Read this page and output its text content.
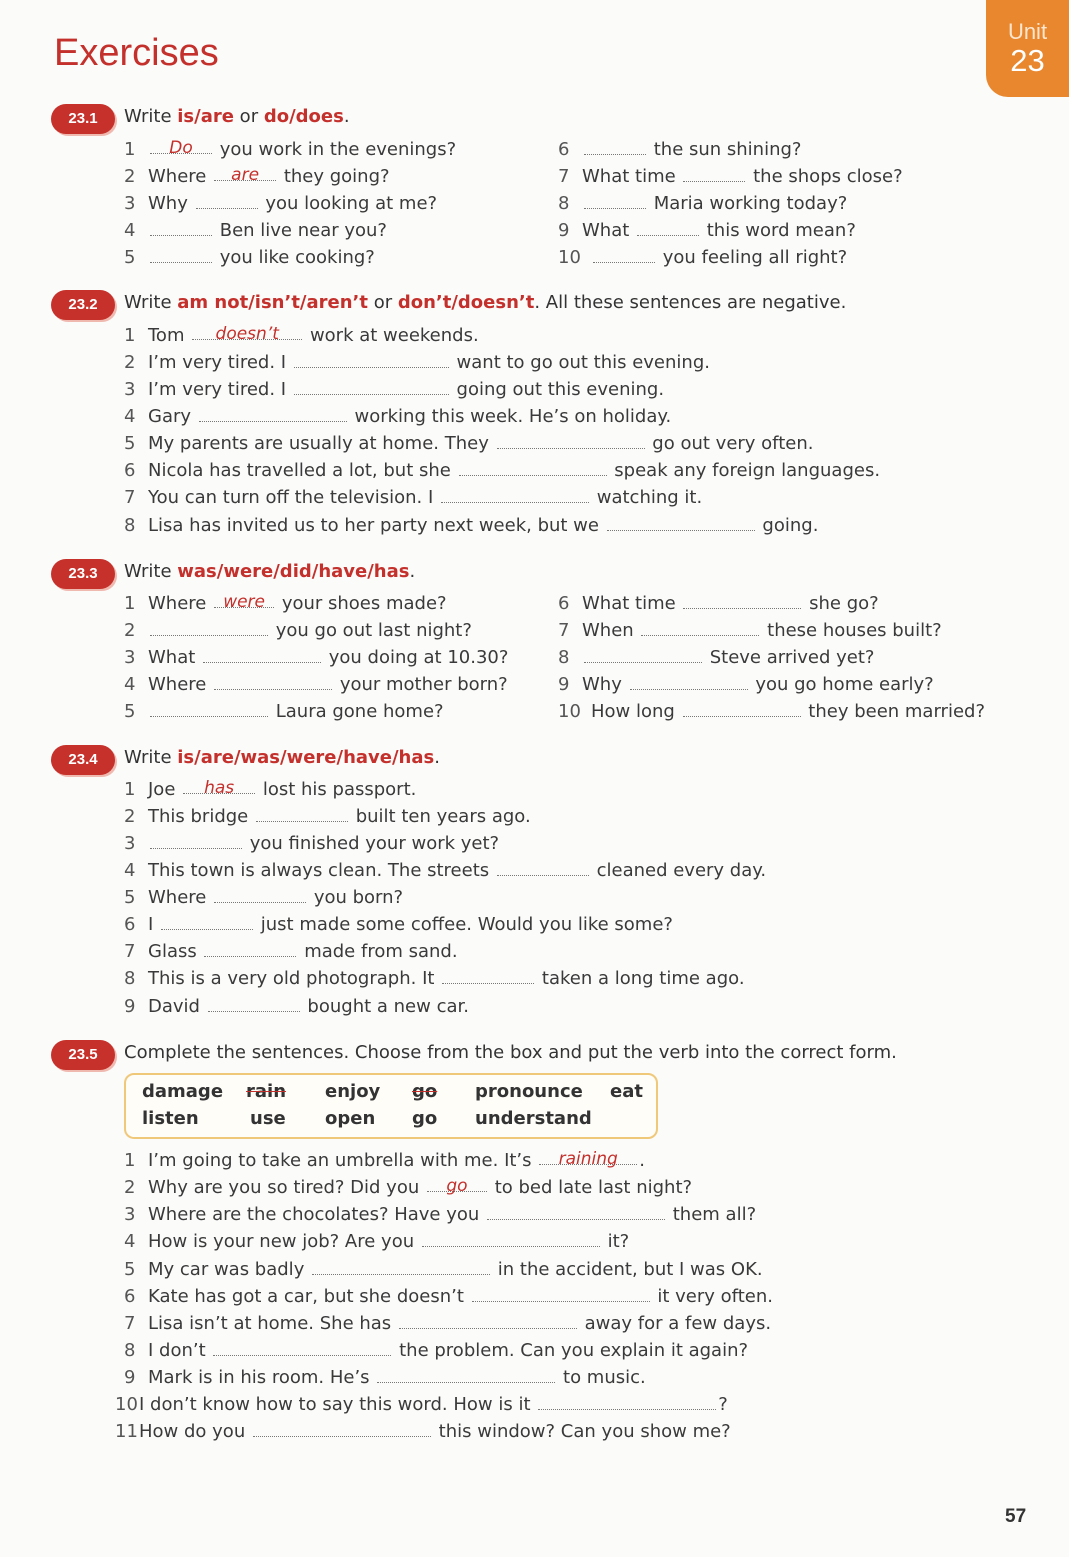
Exercises
Unit
23
23.1	Write is/are or do/does.

1 Do you work in the evenings?
2 Where are they going?
3 Why	you looking at me?
4	Ben live near you?
5	you like cooking?
6	the sun shining?
7 What time	the shops close?
8	Maria working today?
9 What	this word mean?
10	you feeling all right?
23.2	Write am not/isn’t/aren’t or don’t/doesn’t. All these sentences are negative.

1 Tom doesn’t work at weekends.
2 I’m very tired. I	want to go out this evening.
3 I’m very tired. I	going out this evening.
4 Gary	working this week. He’s on holiday.
5 My parents are usually at home. They	go out very often.
6 Nicola has travelled a lot, but she	speak any foreign languages.
7 You can turn off the television. I	watching it.
8 Lisa has invited us to her party next week, but we	going.
23.3	Write was/were/did/have/has.

1 Where were your shoes made?
2	you go out last night?
3 What	you doing at 10.30?
4 Where	your mother born?
5	Laura gone home?
6 What time	she go?
7 When	these houses built?
8	Steve arrived yet?
9 Why	you go home early?
10 How long	they been married?
23.4	Write is/are/was/were/have/has.

1 Joe has lost his passport.
2 This bridge	built ten years ago.
3	you finished your work yet?
4 This town is always clean. The streets	cleaned every day.
5 Where	you born?
6 I	just made some coffee. Would you like some?
7 Glass	made from sand.
8 This is a very old photograph. It	taken a long time ago.
9 David	bought a new car.
23.5	Complete the sentences. Choose from the box and put the verb into the correct form.

damage rain enjoy go pronounce eat
listen	use open go understand
1 I’m going to take an umbrella with me. It’s raining .
2 Why are you so tired? Did you go to bed late last night?
3 Where are the chocolates? Have you	them all?
4 How is your new job? Are you	it?
5 My car was badly	in the accident, but I was OK.
6 Kate has got a car, but she doesn’t	it very often.
7 Lisa isn’t at home. She has	away for a few days.
8 I don’t	the problem. Can you explain it again?
9 Mark is in his room. He’s	to music.
10I don’t know how to say this word. How is it	?
11How do you	this window? Can you show me?
57
